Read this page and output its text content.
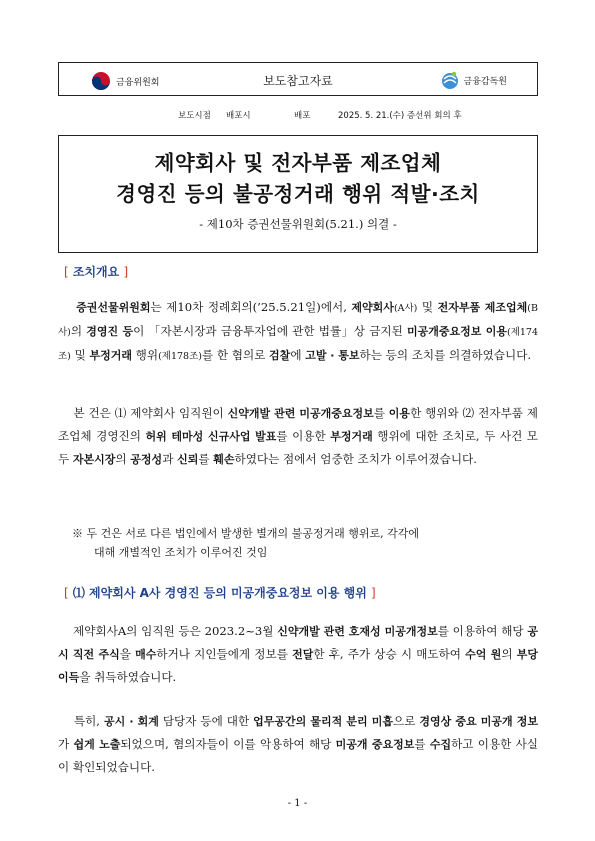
금융위원회	보도참고자료	금융감독원
보도시점	배포시	배포	2025. 5. 21.(수) 증선위 회의 후
제약회사 및 전자부품 제조업체
경영진 등의 불공정거래 행위 적발·조치
- 제10차 증권선물위원회(5.21.) 의결 -
[ 조치개요 ]
증권선물위원회는 제10차 정례회의(’25.5.21일)에서, 제약회사(A사) 및 전자부품 제조업체(B사)의 경영진 등이 「자본시장과 금융투자업에 관한 법률」상 금지된 미공개중요정보 이용(제174조) 및 부정거래 행위(제178조)를 한 혐의로 검찰에 고발 · 통보하는 등의 조치를 의결하였습니다.
본 건은 ⑴ 제약회사 임직원이 신약개발 관련 미공개중요정보를 이용한 행위와 ⑵ 전자부품 제조업체 경영진의 허위 테마성 신규사업 발표를 이용한 부정거래 행위에 대한 조치로, 두 사건 모두 자본시장의 공정성과 신뢰를 훼손하였다는 점에서 엄중한 조치가 이루어졌습니다.
※ 두 건은 서로 다른 법인에서 발생한 별개의 불공정거래 행위로, 각각에
대해 개별적인 조치가 이루어진 것임
[ ⑴ 제약회사 A사 경영진 등의 미공개중요정보 이용 행위 ]
제약회사A의 임직원 등은 2023.2~3월 신약개발 관련 호재성 미공개정보를 이용하여 해당 공시 직전 주식을 매수하거나 지인들에게 정보를 전달한 후, 주가 상승 시 매도하여 수억 원의 부당이득을 취득하였습니다.
특히, 공시 · 회계 담당자 등에 대한 업무공간의 물리적 분리 미흡으로 경영상 중요 미공개 정보가 쉽게 노출되었으며, 혐의자들이 이를 악용하여 해당 미공개 중요정보를 수집하고 이용한 사실이 확인되었습니다.
- 1 -
